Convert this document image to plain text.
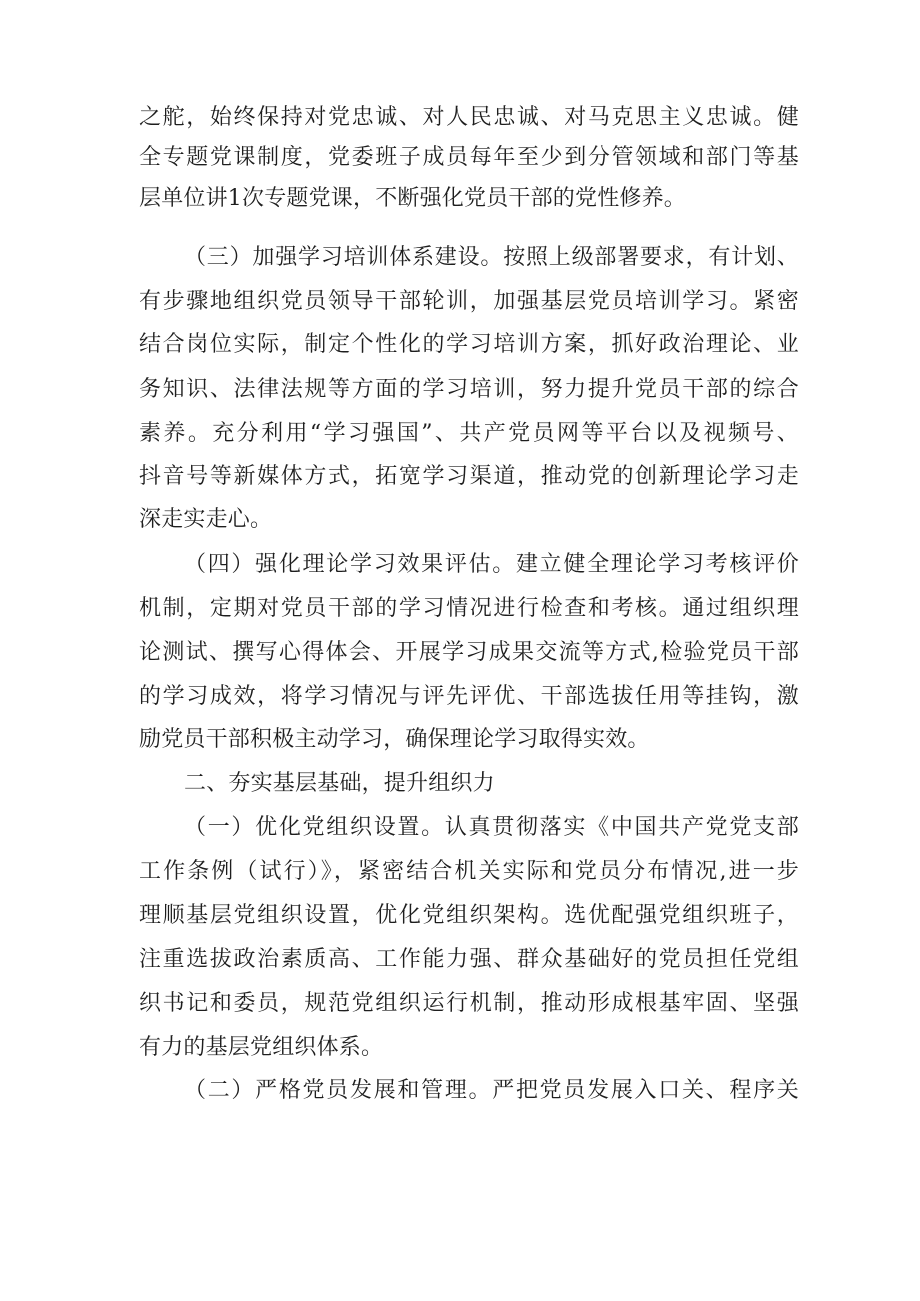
之舵，始终保持对党忠诚、对人民忠诚、对马克思主义忠诚。健
全专题党课制度，党委班子成员每年至少到分管领域和部门等基
层单位讲1次专题党课，不断强化党员干部的党性修养。
（三）加强学习培训体系建设。按照上级部署要求，有计划、
有步骤地组织党员领导干部轮训，加强基层党员培训学习。紧密
结合岗位实际，制定个性化的学习培训方案，抓好政治理论、业
务知识、法律法规等方面的学习培训，努力提升党员干部的综合
素养。充分利用“学习强国”、共产党员网等平台以及视频号、
抖音号等新媒体方式，拓宽学习渠道，推动党的创新理论学习走
深走实走心。
（四）强化理论学习效果评估。建立健全理论学习考核评价
机制，定期对党员干部的学习情况进行检查和考核。通过组织理
论测试、撰写心得体会、开展学习成果交流等方式,检验党员干部
的学习成效，将学习情况与评先评优、干部选拔任用等挂钩，激
励党员干部积极主动学习，确保理论学习取得实效。
二、夯实基层基础，提升组织力
（一）优化党组织设置。认真贯彻落实《中国共产党党支部
工作条例（试行）》，紧密结合机关实际和党员分布情况,进一步
理顺基层党组织设置，优化党组织架构。选优配强党组织班子，
注重选拔政治素质高、工作能力强、群众基础好的党员担任党组
织书记和委员，规范党组织运行机制，推动形成根基牢固、坚强
有力的基层党组织体系。
（二）严格党员发展和管理。严把党员发展入口关、程序关
